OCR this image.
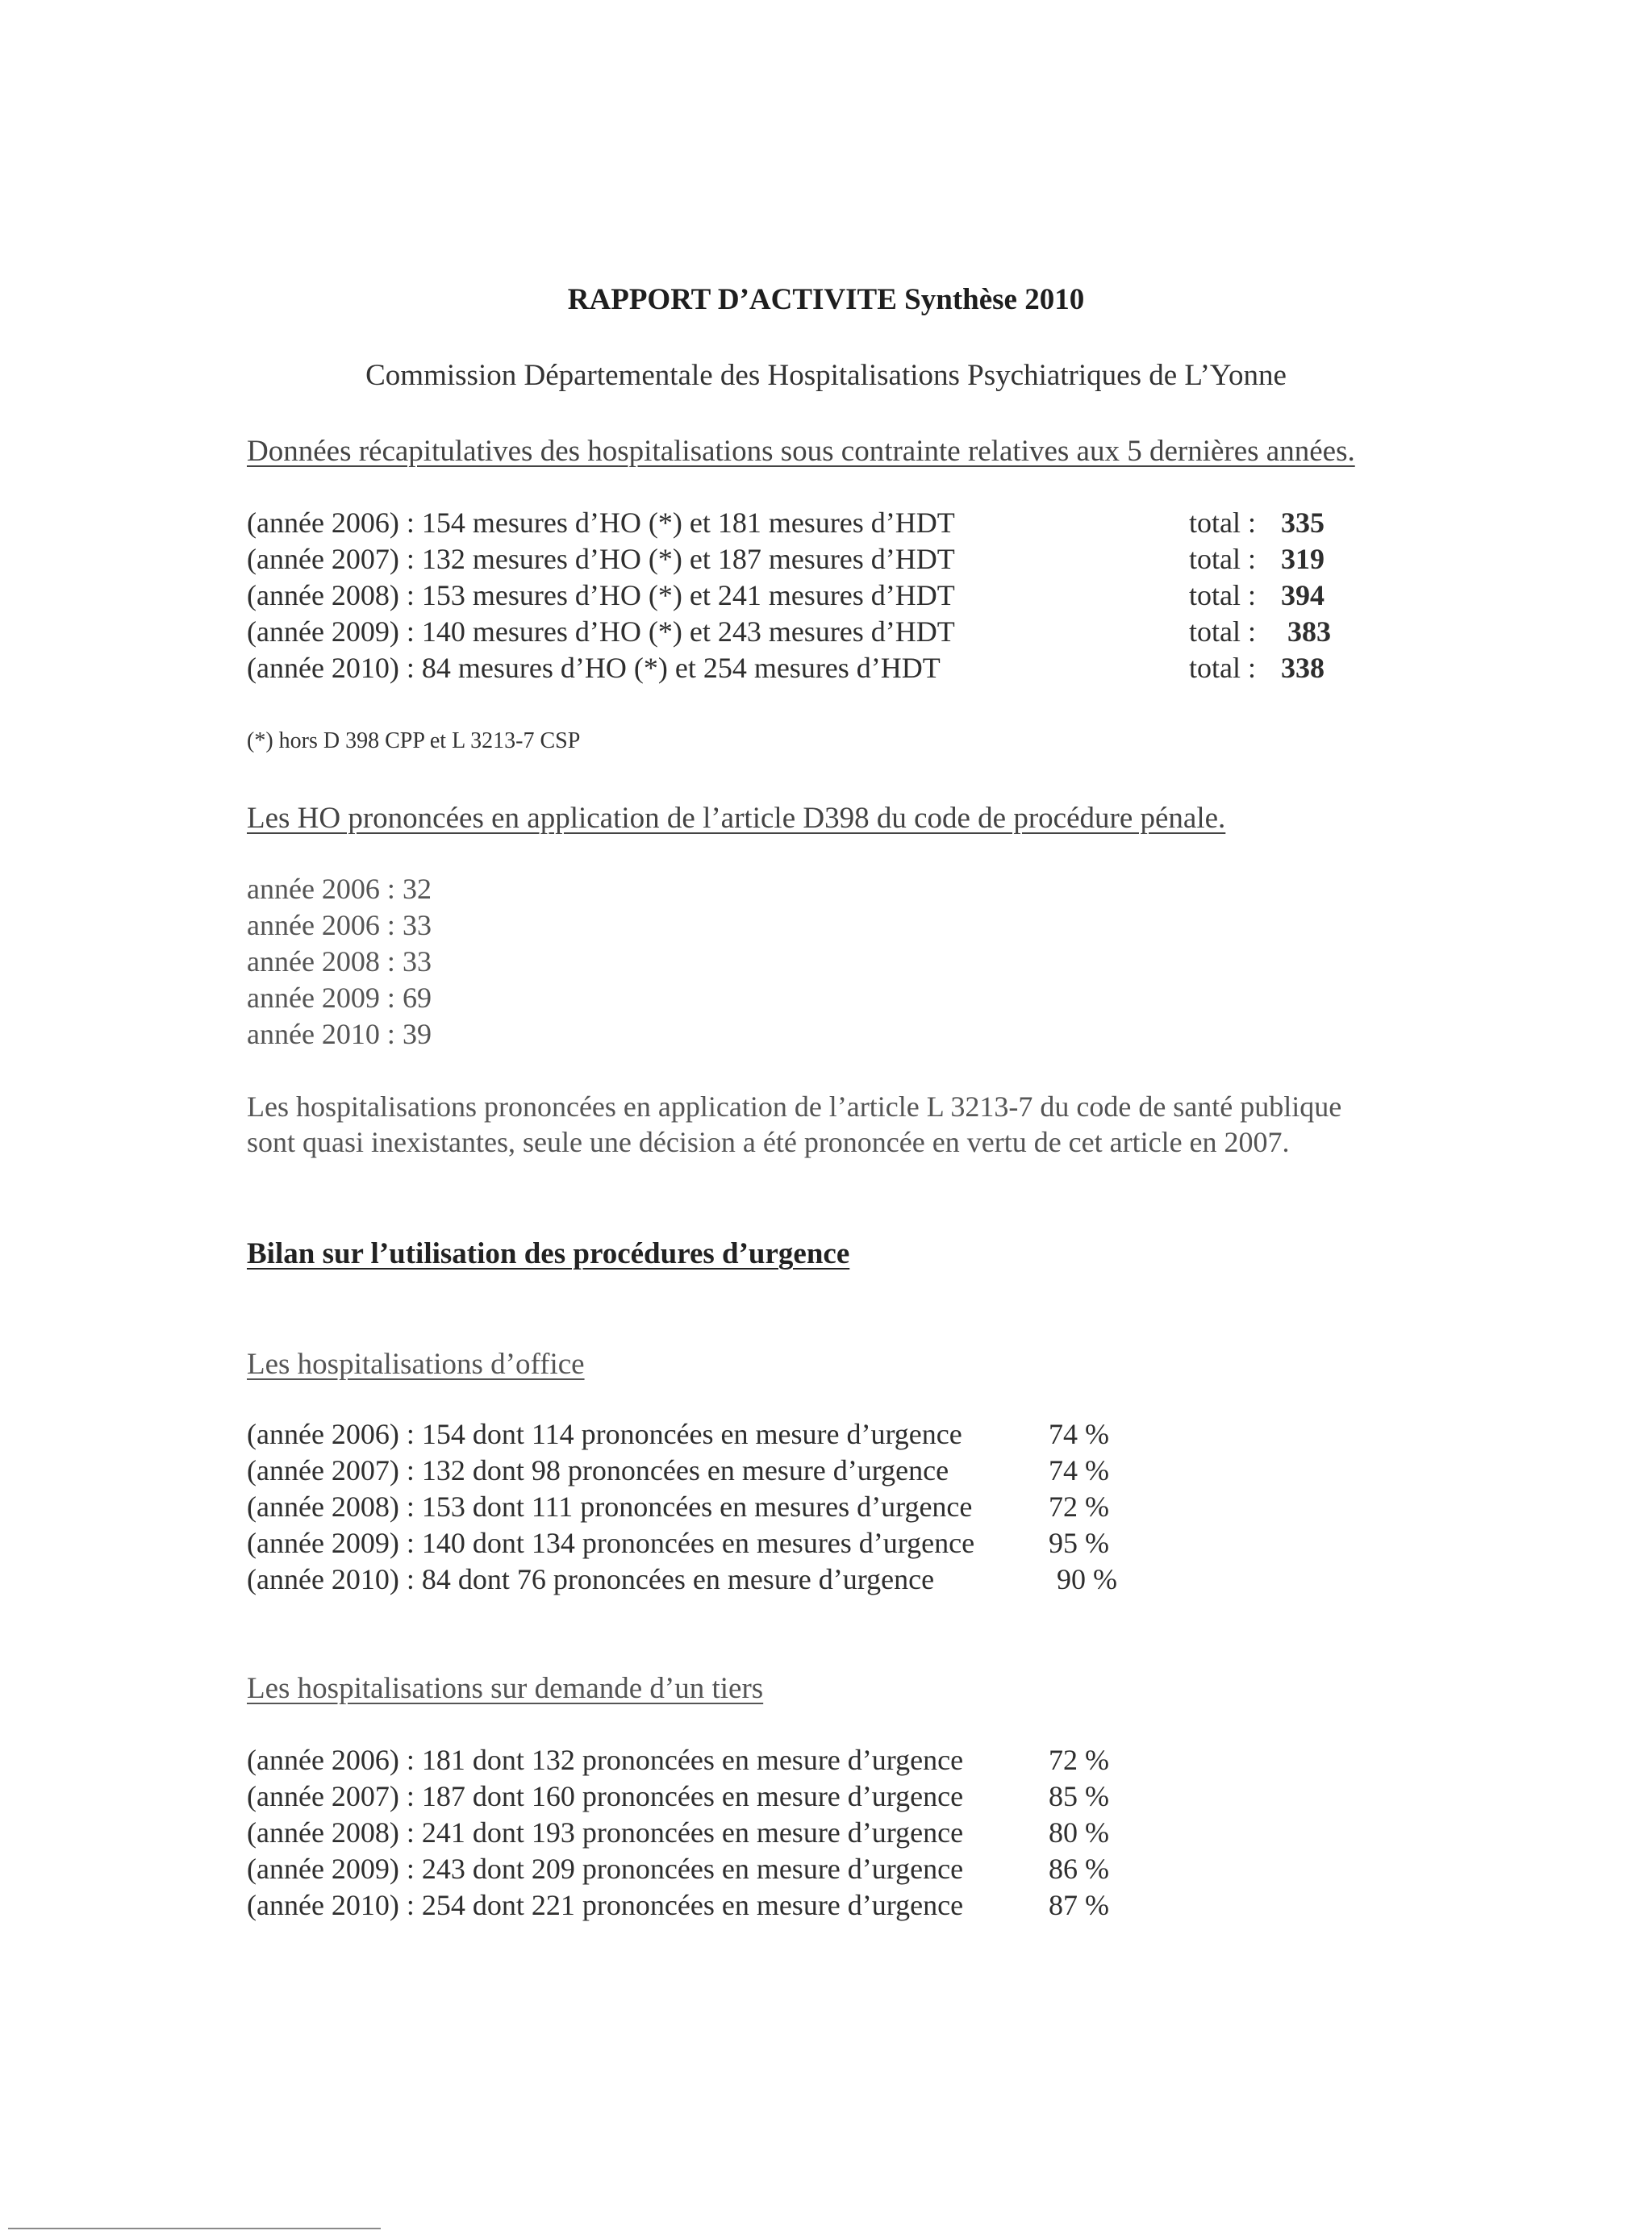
RAPPORT D’ACTIVITE Synthèse 2010
Commission Départementale des Hospitalisations Psychiatriques de L’Yonne
Données récapitulatives des hospitalisations sous contrainte relatives aux 5 dernières années.
(année 2006) : 154 mesures d’HO (*) et 181 mesures d’HDT	total : 335
(année 2007) : 132 mesures d’HO (*) et 187 mesures d’HDT	total : 319
(année 2008) : 153 mesures d’HO (*) et 241 mesures d’HDT	total : 394
(année 2009) : 140 mesures d’HO (*) et 243 mesures d’HDT	total : 383
(année 2010) : 84 mesures d’HO (*) et 254 mesures d’HDT	total : 338
(*) hors D 398 CPP et L 3213-7 CSP
Les HO prononcées en application de l’article D398 du code de procédure pénale.
année 2006 : 32
année 2006 : 33
année 2008 : 33
année 2009 : 69
année 2010 : 39
Les hospitalisations prononcées en application de l’article L 3213-7 du code de santé publique
sont quasi inexistantes, seule une décision a été prononcée en vertu de cet article en 2007.
Bilan sur l’utilisation des procédures d’urgence
Les hospitalisations d’office
(année 2006) : 154 dont 114 prononcées en mesure d’urgence	74 %
(année 2007) : 132 dont 98 prononcées en mesure d’urgence	74 %
(année 2008) : 153 dont 111 prononcées en mesures d’urgence	72 %
(année 2009) : 140 dont 134 prononcées en mesures d’urgence	95 %
(année 2010) : 84 dont 76 prononcées en mesure d’urgence	90 %
Les hospitalisations sur demande d’un tiers
(année 2006) : 181 dont 132 prononcées en mesure d’urgence	72 %
(année 2007) : 187 dont 160 prononcées en mesure d’urgence	85 %
(année 2008) : 241 dont 193 prononcées en mesure d’urgence	80 %
(année 2009) : 243 dont 209 prononcées en mesure d’urgence	86 %
(année 2010) : 254 dont 221 prononcées en mesure d’urgence	87 %
